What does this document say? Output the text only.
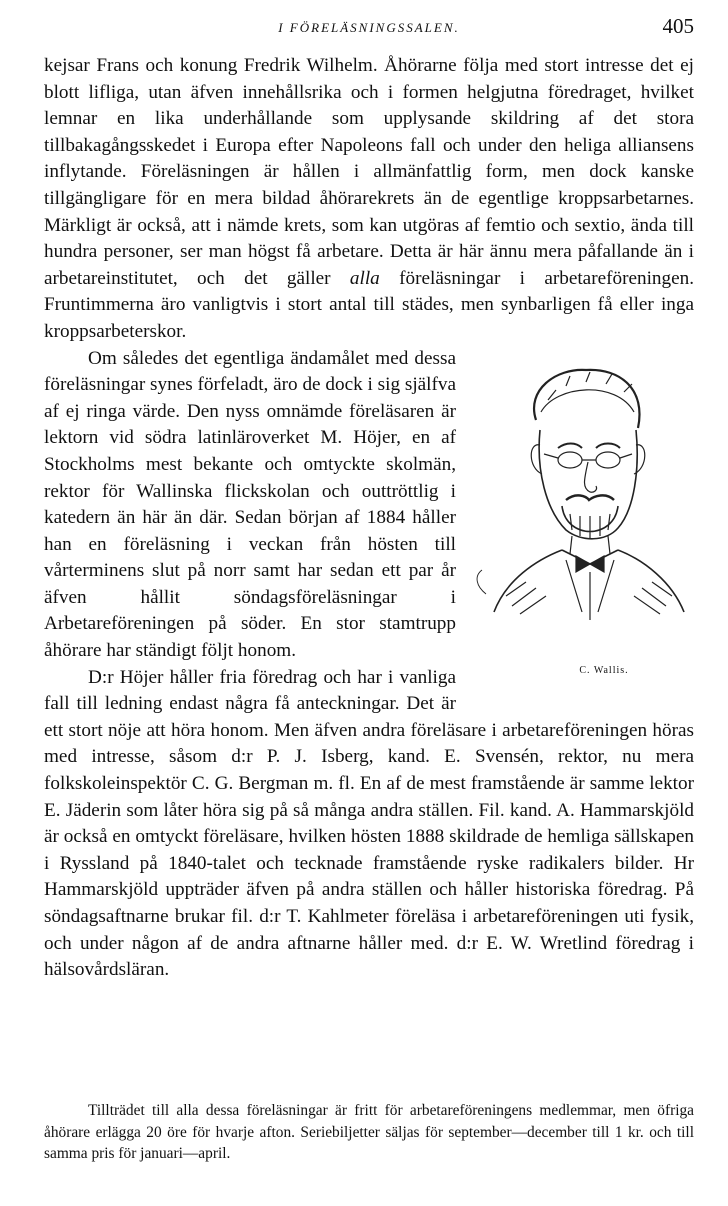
I FÖRELÄSNINGSSALEN.	405

kejsar Frans och konung Fredrik Wilhelm. Åhörarne följa med stort intresse det ej blott lifliga, utan äfven innehållsrika och i formen helgjutna föredraget, hvilket lemnar en lika underhållande som upplysande skildring af det stora tillbakagångsskedet i Europa efter Napoleons fall och under den heliga alliansens inflytande. Föreläsningen är hållen i allmänfattlig form, men dock kanske tillgängligare för en mera bildad åhörarekrets än de egentlige kroppsarbetarnes. Märkligt är också, att i nämde krets, som kan utgöras af femtio och sextio, ända till hundra personer, ser man högst få arbetare. Detta är här ännu mera påfallande än i arbetareinstitutet, och det gäller alla föreläsningar i arbetareföreningen. Fruntimmerna äro vanligtvis i stort antal till städes, men synbarligen få eller inga kroppsarbeterskor.

C. Wallis.
Om således det egentliga ändamålet med dessa föreläsningar synes förfeladt, äro de dock i sig själfva af ej ringa värde. Den nyss omnämde föreläsaren är lektorn vid södra latinläroverket M. Höjer, en af Stockholms mest bekante och omtyckte skolmän, rektor för Wallinska flickskolan och outtröttlig i katedern än här än där. Sedan början af 1884 håller han en föreläsning i veckan från hösten till vårterminens slut på norr samt har sedan ett par år äfven hållit söndagsföreläsningar i Arbetareföreningen på söder. En stor stamtrupp åhörare har ständigt följt honom.

D:r Höjer håller fria föredrag och har i vanliga fall till ledning endast några få anteckningar. Det är ett stort nöje att höra honom. Men äfven andra föreläsare i arbetareföreningen höras med intresse, såsom d:r P. J. Isberg, kand. E. Svensén, rektor, nu mera folkskoleinspektör C. G. Bergman m. fl. En af de mest framstående är samme lektor E. Jäderin som låter höra sig på så många andra ställen. Fil. kand. A. Hammarskjöld är också en omtyckt föreläsare, hvilken hösten 1888 skildrade de hemliga sällskapen i Ryssland på 1840-talet och tecknade framstående ryske radikalers bilder. Hr Hammarskjöld uppträder äfven på andra ställen och håller historiska föredrag. På söndagsaftnarne brukar fil. d:r T. Kahlmeter föreläsa i arbetareföreningen uti fysik, och under någon af de andra aftnarne håller med. d:r E. W. Wretlind föredrag i hälsovårdsläran.

Tillträdet till alla dessa föreläsningar är fritt för arbetareföreningens medlemmar, men öfriga åhörare erlägga 20 öre för hvarje afton. Seriebiljetter säljas för september—december till 1 kr. och till samma pris för januari—april.
